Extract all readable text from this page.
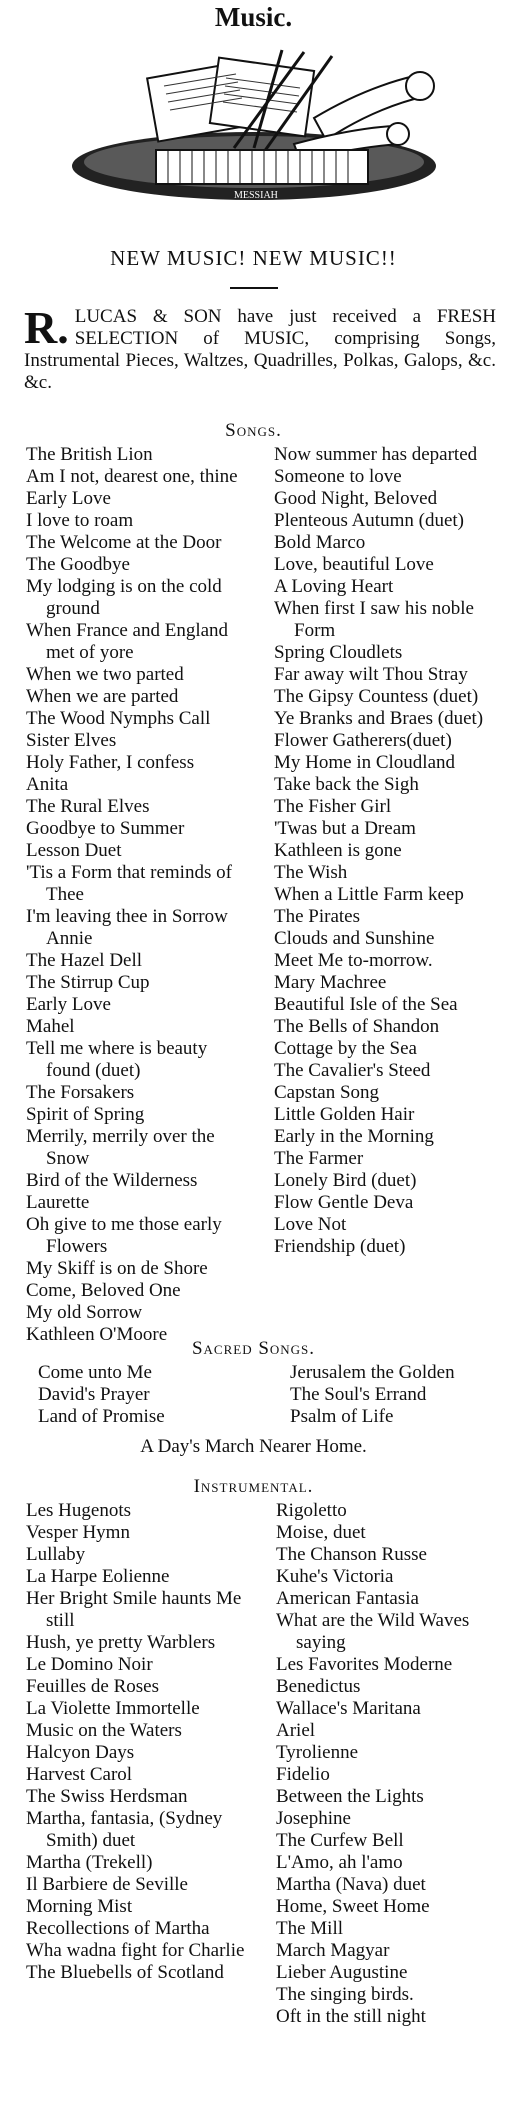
Music.
MESSIAH
NEW MUSIC! NEW MUSIC!!
R. LUCAS & SON have just received a FRESH SELECTION of MUSIC, comprising Songs, Instrumental Pieces, Waltzes, Quadrilles, Polkas, Galops, &c. &c.
Songs.
The British Lion
Am I not, dearest one, thine
Early Love
I love to roam
The Welcome at the Door
The Goodbye
My lodging is on the cold ground
When France and England met of yore
When we two parted
When we are parted
The Wood Nymphs Call
Sister Elves
Holy Father, I confess
Anita
The Rural Elves
Goodbye to Summer
Lesson Duet
'Tis a Form that reminds of Thee
I'm leaving thee in Sorrow Annie
The Hazel Dell
The Stirrup Cup
Early Love
Mahel
Tell me where is beauty found (duet)
The Forsakers
Spirit of Spring
Merrily, merrily over the Snow
Bird of the Wilderness
Laurette
Oh give to me those early Flowers
My Skiff is on de Shore
Come, Beloved One
My old Sorrow
Kathleen O'Moore
Now summer has departed
Someone to love
Good Night, Beloved
Plenteous Autumn (duet)
Bold Marco
Love, beautiful Love
A Loving Heart
When first I saw his noble Form
Spring Cloudlets
Far away wilt Thou Stray
The Gipsy Countess (duet)
Ye Branks and Braes (duet)
Flower Gatherers(duet)
My Home in Cloudland
Take back the Sigh
The Fisher Girl
'Twas but a Dream
Kathleen is gone
The Wish
When a Little Farm keep
The Pirates
Clouds and Sunshine
Meet Me to-morrow.
Mary Machree
Beautiful Isle of the Sea
The Bells of Shandon
Cottage by the Sea
The Cavalier's Steed
Capstan Song
Little Golden Hair
Early in the Morning
The Farmer
Lonely Bird (duet)
Flow Gentle Deva
Love Not
Friendship (duet)
Sacred Songs.
Come unto Me
David's Prayer
Land of Promise
Jerusalem the Golden
The Soul's Errand
Psalm of Life
A Day's March Nearer Home.
Instrumental.
Les Hugenots
Vesper Hymn
Lullaby
La Harpe Eolienne
Her Bright Smile haunts Me still
Hush, ye pretty Warblers
Le Domino Noir
Feuilles de Roses
La Violette Immortelle
Music on the Waters
Halcyon Days
Harvest Carol
The Swiss Herdsman
Martha, fantasia, (Sydney Smith) duet
Martha (Trekell)
Il Barbiere de Seville
Morning Mist
Recollections of Martha
Wha wadna fight for Charlie
The Bluebells of Scotland
Rigoletto
Moise, duet
The Chanson Russe
Kuhe's Victoria
American Fantasia
What are the Wild Waves saying
Les Favorites Moderne
Benedictus
Wallace's Maritana
Ariel
Tyrolienne
Fidelio
Between the Lights
Josephine
The Curfew Bell
L'Amo, ah l'amo
Martha (Nava) duet
Home, Sweet Home
The Mill
March Magyar
Lieber Augustine
The singing birds.
Oft in the still night
